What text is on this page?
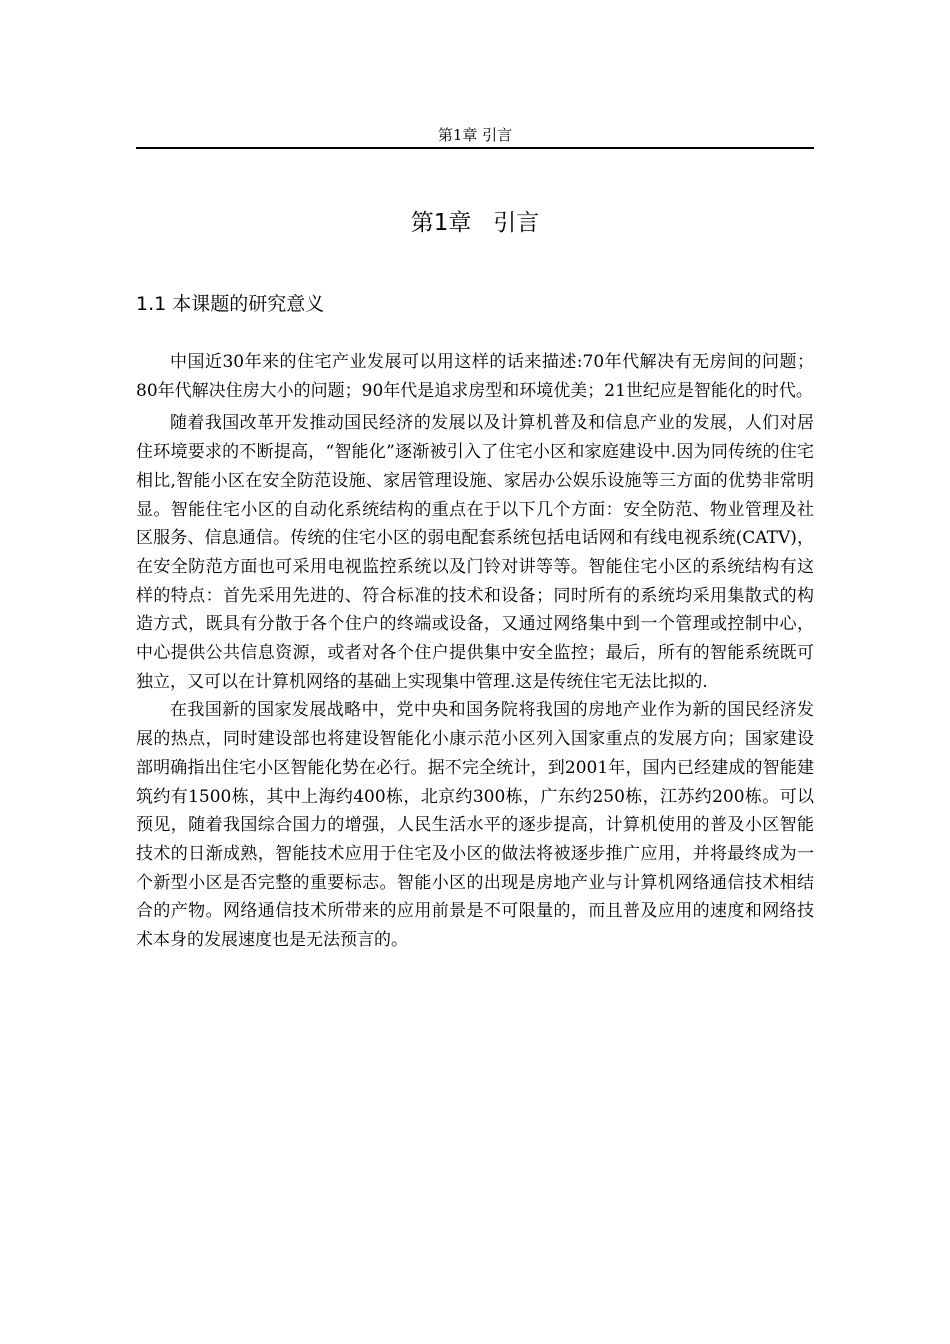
第1章 引言
第1章   引言
1.1 本课题的研究意义

中国近30年来的住宅产业发展可以用这样的话来描述:70年代解决有无房间的问题；80年代解决住房大小的问题；90年代是追求房型和环境优美；21世纪应是智能化的时代。

随着我国改革开发推动国民经济的发展以及计算机普及和信息产业的发展，人们对居住环境要求的不断提高，“智能化”逐渐被引入了住宅小区和家庭建设中.因为同传统的住宅相比,智能小区在安全防范设施、家居管理设施、家居办公娱乐设施等三方面的优势非常明显。智能住宅小区的自动化系统结构的重点在于以下几个方面：安全防范、物业管理及社区服务、信息通信。传统的住宅小区的弱电配套系统包括电话网和有线电视系统(CATV)，在安全防范方面也可采用电视监控系统以及门铃对讲等等。智能住宅小区的系统结构有这样的特点：首先采用先进的、符合标准的技术和设备；同时所有的系统均采用集散式的构造方式，既具有分散于各个住户的终端或设备，又通过网络集中到一个管理或控制中心，中心提供公共信息资源，或者对各个住户提供集中安全监控；最后，所有的智能系统既可独立，又可以在计算机网络的基础上实现集中管理.这是传统住宅无法比拟的.

在我国新的国家发展战略中，党中央和国务院将我国的房地产业作为新的国民经济发展的热点，同时建设部也将建设智能化小康示范小区列入国家重点的发展方向；国家建设部明确指出住宅小区智能化势在必行。据不完全统计，到2001年，国内已经建成的智能建筑约有1500栋，其中上海约400栋，北京约300栋，广东约250栋，江苏约200栋。可以预见，随着我国综合国力的增强，人民生活水平的逐步提高，计算机使用的普及小区智能技术的日渐成熟，智能技术应用于住宅及小区的做法将被逐步推广应用，并将最终成为一个新型小区是否完整的重要标志。智能小区的出现是房地产业与计算机网络通信技术相结合的产物。网络通信技术所带来的应用前景是不可限量的，而且普及应用的速度和网络技术本身的发展速度也是无法预言的。
